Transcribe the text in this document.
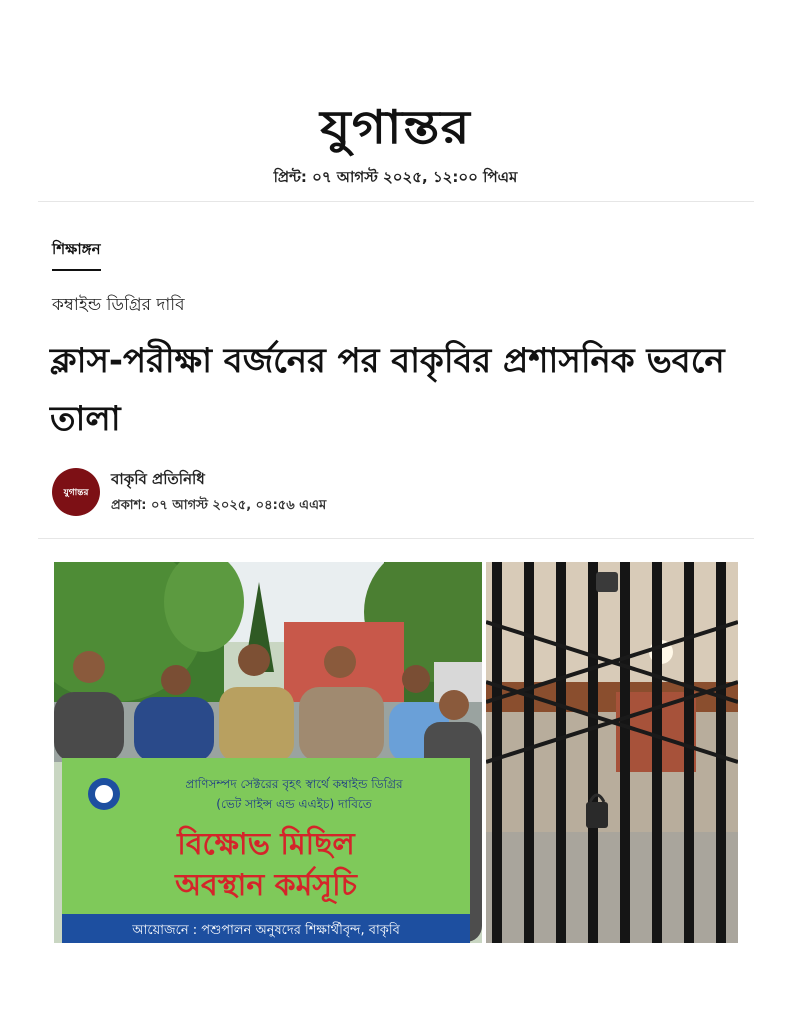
যুগান্তর
প্রিন্ট: ০৭ আগস্ট ২০২৫, ১২:০০ পিএম
শিক্ষাঙ্গন
কম্বাইন্ড ডিগ্রির দাবি
ক্লাস-পরীক্ষা বর্জনের পর বাকৃবির প্রশাসনিক ভবনে তালা
যুগান্তর
বাকৃবি প্রতিনিধি
প্রকাশ: ০৭ আগস্ট ২০২৫, ০৪:৫৬ এএম
প্রাণিসম্পদ সেক্টরের বৃহৎ স্বার্থে কম্বাইন্ড ডিগ্রির
(ভেট সাইন্স এন্ড এএইচ) দাবিতে
বিক্ষোভ মিছিল
অবস্থান কর্মসূচি
আয়োজনে : পশুপালন অনুষদের শিক্ষার্থীবৃন্দ, বাকৃবি
